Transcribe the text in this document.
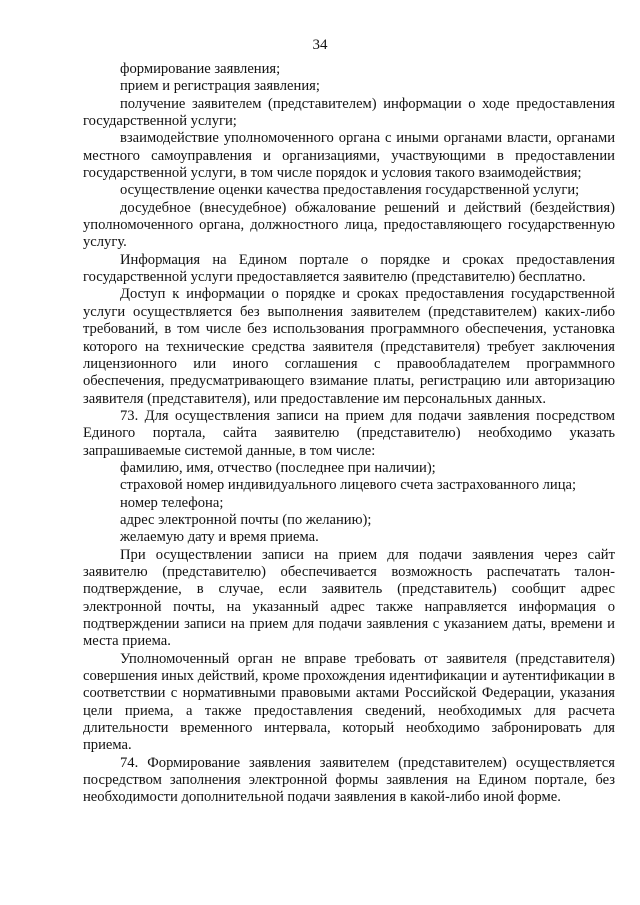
34

формирование заявления;

прием и регистрация заявления;

получение заявителем (представителем) информации о ходе предоставления государственной услуги;

взаимодействие уполномоченного органа с иными органами власти, органами местного самоуправления и организациями, участвующими в предоставлении государственной услуги, в том числе порядок и условия такого взаимодействия;

осуществление оценки качества предоставления государственной услуги;

досудебное (внесудебное) обжалование решений и действий (бездействия) уполномоченного органа, должностного лица, предоставляющего государственную услугу.

Информация на Едином портале о порядке и сроках предоставления государственной услуги предоставляется заявителю (представителю) бесплатно.

Доступ к информации о порядке и сроках предоставления государственной услуги осуществляется без выполнения заявителем (представителем) каких-либо требований, в том числе без использования программного обеспечения, установка которого на технические средства заявителя (представителя) требует заключения лицензионного или иного соглашения с правообладателем программного обеспечения, предусматривающего взимание платы, регистрацию или авторизацию заявителя (представителя), или предоставление им персональных данных.

73. Для осуществления записи на прием для подачи заявления посредством Единого портала, сайта заявителю (представителю) необходимо указать запрашиваемые системой данные, в том числе:

фамилию, имя, отчество (последнее при наличии);

страховой номер индивидуального лицевого счета застрахованного лица;

номер телефона;

адрес электронной почты (по желанию);

желаемую дату и время приема.

При осуществлении записи на прием для подачи заявления через сайт заявителю (представителю) обеспечивается возможность распечатать талон-подтверждение, в случае, если заявитель (представитель) сообщит адрес электронной почты, на указанный адрес также направляется информация о подтверждении записи на прием для подачи заявления с указанием даты, времени и места приема.

Уполномоченный орган не вправе требовать от заявителя (представителя) совершения иных действий, кроме прохождения идентификации и аутентификации в соответствии с нормативными правовыми актами Российской Федерации, указания цели приема, а также предоставления сведений, необходимых для расчета длительности временного интервала, который необходимо забронировать для приема.

74. Формирование заявления заявителем (представителем) осуществляется посредством заполнения электронной формы заявления на Едином портале, без необходимости дополнительной подачи заявления в какой-либо иной форме.
